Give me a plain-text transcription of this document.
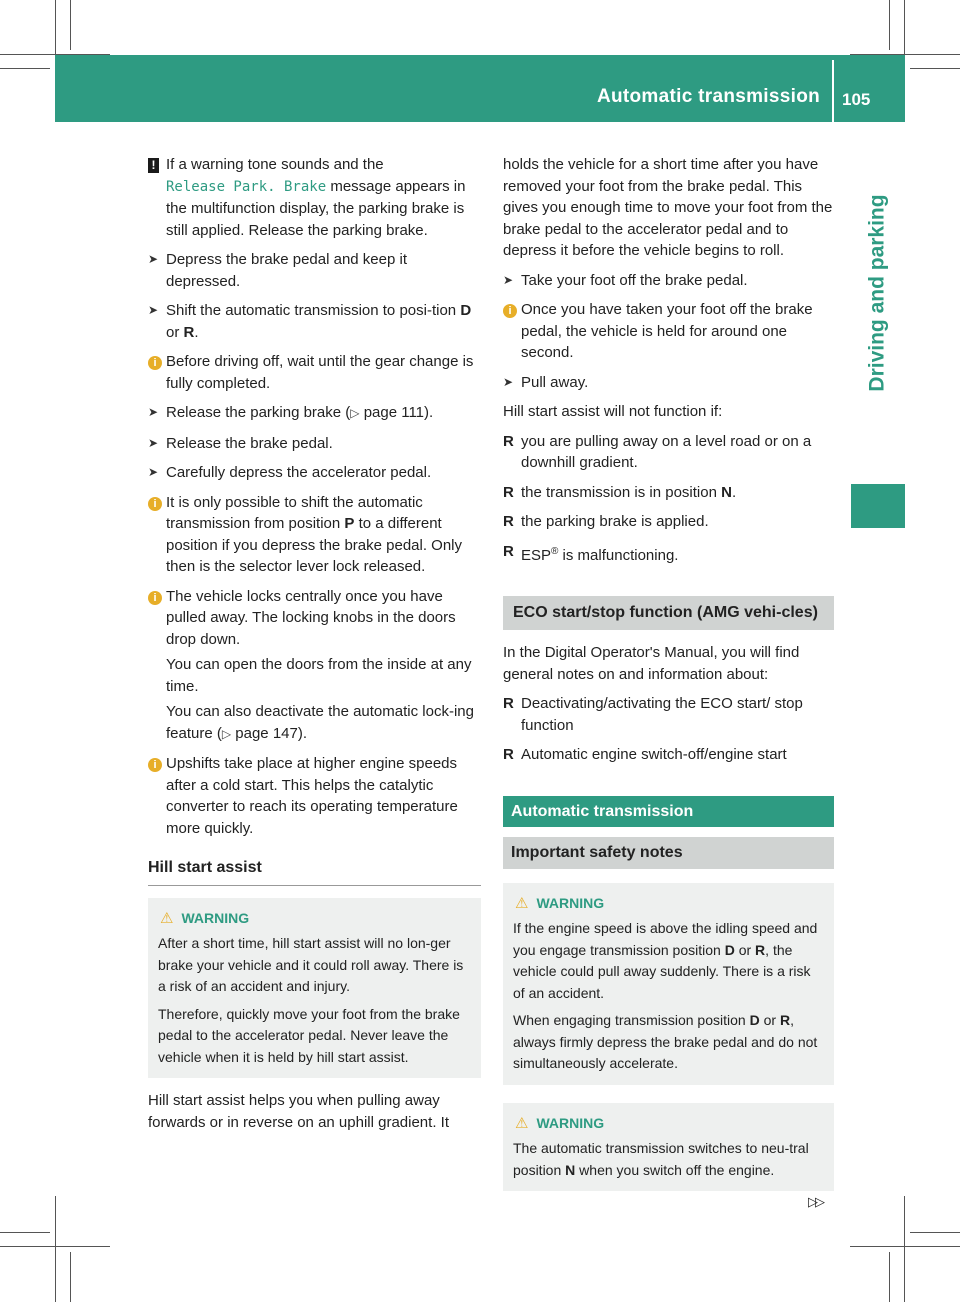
Automatic transmission 105
Driving and parking
! If a warning tone sounds and the
Release Park. Brake message appears in the multifunction display, the parking brake is still applied. Release the parking brake.
➤ Depress the brake pedal and keep it depressed.
➤ Shift the automatic transmission to posi-tion D or R.
i Before driving off, wait until the gear change is fully completed.
➤ Release the parking brake (▷ page 111).
➤ Release the brake pedal.
➤ Carefully depress the accelerator pedal.
i It is only possible to shift the automatic transmission from position P to a different position if you depress the brake pedal. Only then is the selector lever lock released.
i The vehicle locks centrally once you have pulled away. The locking knobs in the doors drop down.

You can open the doors from the inside at any time.

You can also deactivate the automatic lock-ing feature (▷ page 147).

i Upshifts take place at higher engine speeds after a cold start. This helps the catalytic converter to reach its operating temperature more quickly.
Hill start assist
⚠ WARNING

After a short time, hill start assist will no lon-ger brake your vehicle and it could roll away. There is a risk of an accident and injury.

Therefore, quickly move your foot from the brake pedal to the accelerator pedal. Never leave the vehicle when it is held by hill start assist.

Hill start assist helps you when pulling away forwards or in reverse on an uphill gradient. It

holds the vehicle for a short time after you have removed your foot from the brake pedal. This gives you enough time to move your foot from the brake pedal to the accelerator pedal and to depress it before the vehicle begins to roll.

➤ Take your foot off the brake pedal.
i Once you have taken your foot off the brake pedal, the vehicle is held for around one second.
➤ Pull away.

Hill start assist will not function if:

R you are pulling away on a level road or on a downhill gradient.
R the transmission is in position N.
R the parking brake is applied.
R ESP® is malfunctioning.
ECO start/stop function (AMG vehi-cles)

In the Digital Operator's Manual, you will find general notes on and information about:

R Deactivating/activating the ECO start/ stop function
R Automatic engine switch-off/engine start
Automatic transmission
Important safety notes
⚠ WARNING

If the engine speed is above the idling speed and you engage transmission position D or R, the vehicle could pull away suddenly. There is a risk of an accident.

When engaging transmission position D or R, always firmly depress the brake pedal and do not simultaneously accelerate.

⚠ WARNING

The automatic transmission switches to neu-tral position N when you switch off the engine.

▷▷
